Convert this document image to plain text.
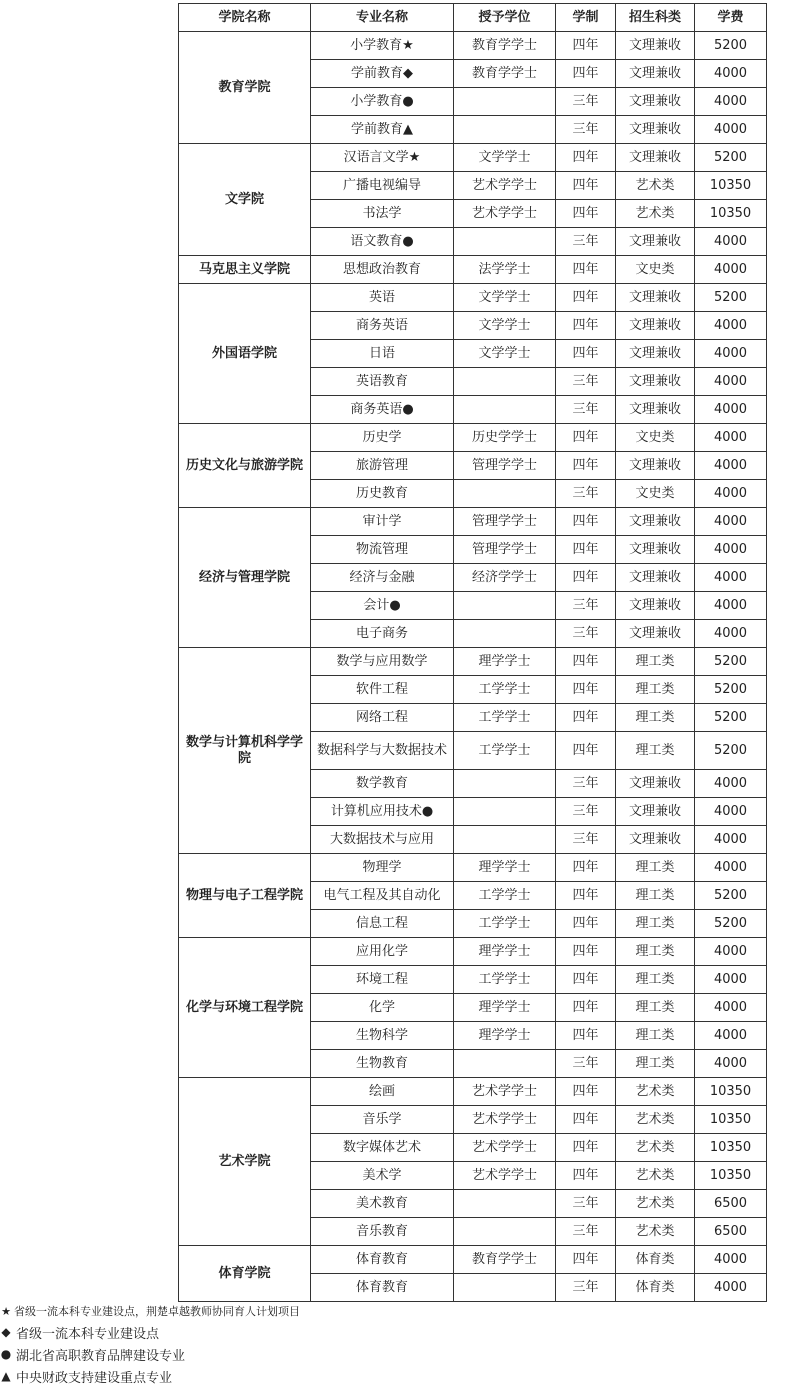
学院名称	专业名称	授予学位	学制	招生科类	学费
教育学院	小学教育★	教育学学士	四年	文理兼收	5200
	学前教育◆	教育学学士	四年	文理兼收	4000
	小学教育●		三年	文理兼收	4000
	学前教育▲		三年	文理兼收	4000
文学院	汉语言文学★	文学学士	四年	文理兼收	5200
	广播电视编导	艺术学学士	四年	艺术类	10350
	书法学	艺术学学士	四年	艺术类	10350
	语文教育●		三年	文理兼收	4000
马克思主义学院	思想政治教育	法学学士	四年	文史类	4000
外国语学院	英语	文学学士	四年	文理兼收	5200
	商务英语	文学学士	四年	文理兼收	4000
	日语	文学学士	四年	文理兼收	4000
	英语教育		三年	文理兼收	4000
	商务英语●		三年	文理兼收	4000
历史文化与旅游学院	历史学	历史学学士	四年	文史类	4000
	旅游管理	管理学学士	四年	文理兼收	4000
	历史教育		三年	文史类	4000
经济与管理学院	审计学	管理学学士	四年	文理兼收	4000
	物流管理	管理学学士	四年	文理兼收	4000
	经济与金融	经济学学士	四年	文理兼收	4000
	会计●		三年	文理兼收	4000
	电子商务		三年	文理兼收	4000
数学与计算机科学学院	数学与应用数学	理学学士	四年	理工类	5200
	软件工程	工学学士	四年	理工类	5200
	网络工程	工学学士	四年	理工类	5200
	数据科学与大数据技术	工学学士	四年	理工类	5200
	数学教育		三年	文理兼收	4000
	计算机应用技术●		三年	文理兼收	4000
	大数据技术与应用		三年	文理兼收	4000
物理与电子工程学院	物理学	理学学士	四年	理工类	4000
	电气工程及其自动化	工学学士	四年	理工类	5200
	信息工程	工学学士	四年	理工类	5200
化学与环境工程学院	应用化学	理学学士	四年	理工类	4000
	环境工程	工学学士	四年	理工类	4000
	化学	理学学士	四年	理工类	4000
	生物科学	理学学士	四年	理工类	4000
	生物教育		三年	理工类	4000
艺术学院	绘画	艺术学学士	四年	艺术类	10350
	音乐学	艺术学学士	四年	艺术类	10350
	数字媒体艺术	艺术学学士	四年	艺术类	10350
	美术学	艺术学学士	四年	艺术类	10350
	美术教育		三年	艺术类	6500
	音乐教育		三年	艺术类	6500
体育学院	体育教育	教育学学士	四年	体育类	4000
	体育教育		三年	体育类	4000
★ 省级一流本科专业建设点，荆楚卓越教师协同育人计划项目
◆ 省级一流本科专业建设点
● 湖北省高职教育品牌建设专业
▲ 中央财政支持建设重点专业
